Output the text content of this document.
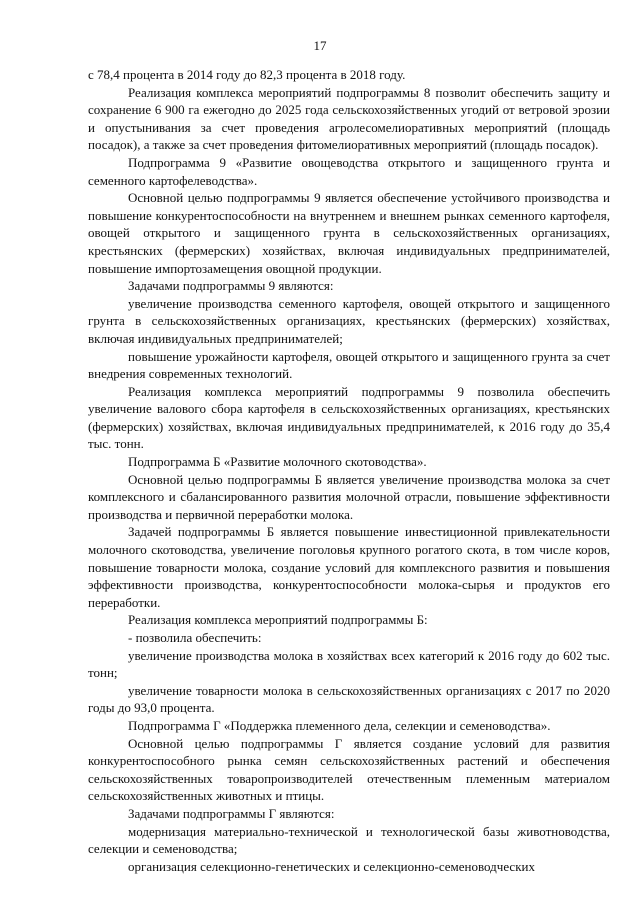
17

с 78,4 процента в 2014 году до 82,3 процента в 2018 году.

Реализация комплекса мероприятий подпрограммы 8 позволит обеспечить защиту и сохранение 6 900 га ежегодно до 2025 года сельскохозяйственных угодий от ветровой эрозии и опустынивания за счет проведения агролесомелиоративных мероприятий (площадь посадок), а также за счет проведения фитомелиоративных мероприятий (площадь посадок).

Подпрограмма 9 «Развитие овощеводства открытого и защищенного грунта и семенного картофелеводства».

Основной целью подпрограммы 9 является обеспечение устойчивого производства и повышение конкурентоспособности на внутреннем и внешнем рынках семенного картофеля, овощей открытого и защищенного грунта в сельскохозяйственных организациях, крестьянских (фермерских) хозяйствах, включая индивидуальных предпринимателей, повышение импортозамещения овощной продукции.

Задачами подпрограммы 9 являются:

увеличение производства семенного картофеля, овощей открытого и защищенного грунта в сельскохозяйственных организациях, крестьянских (фермерских) хозяйствах, включая индивидуальных предпринимателей;

повышение урожайности картофеля, овощей открытого и защищенного грунта за счет внедрения современных технологий.

Реализация комплекса мероприятий подпрограммы 9 позволила обеспечить увеличение валового сбора картофеля в сельскохозяйственных организациях, крестьянских (фермерских) хозяйствах, включая индивидуальных предпринимателей, к 2016 году до 35,4 тыс. тонн.

Подпрограмма Б «Развитие молочного скотоводства».

Основной целью подпрограммы Б является увеличение производства молока за счет комплексного и сбалансированного развития молочной отрасли, повышение эффективности производства и первичной переработки молока.

Задачей подпрограммы Б является повышение инвестиционной привлекательности молочного скотоводства, увеличение поголовья крупного рогатого скота, в том числе коров, повышение товарности молока, создание условий для комплексного развития и повышения эффективности производства, конкурентоспособности молока-сырья и продуктов его переработки.

Реализация комплекса мероприятий подпрограммы Б:

- позволила обеспечить:

увеличение производства молока в хозяйствах всех категорий к 2016 году до 602 тыс. тонн;

увеличение товарности молока в сельскохозяйственных организациях с 2017 по 2020 годы до 93,0 процента.

Подпрограмма Г «Поддержка племенного дела, селекции и семеноводства».

Основной целью подпрограммы Г является создание условий для развития конкурентоспособного рынка семян сельскохозяйственных растений и обеспечения сельскохозяйственных товаропроизводителей отечественным племенным материалом сельскохозяйственных животных и птицы.

Задачами подпрограммы Г являются:

модернизация материально-технической и технологической базы животноводства, селекции и семеноводства;

организация селекционно-генетических и селекционно-семеноводческих
